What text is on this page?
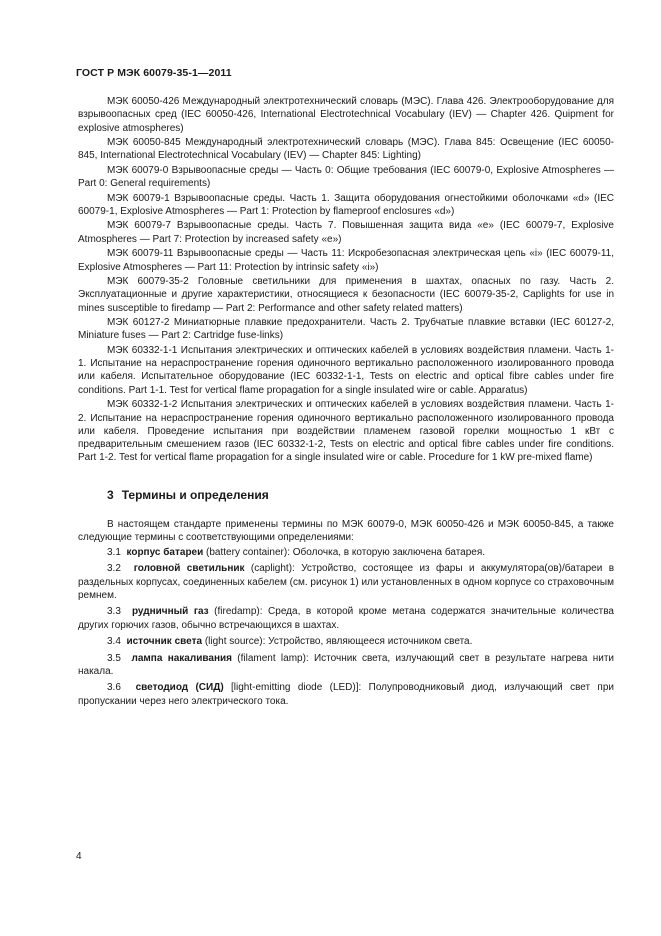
ГОСТ Р МЭК 60079-35-1—2011

МЭК 60050-426 Международный электротехнический словарь (МЭС). Глава 426. Электрооборудование для взрывоопасных сред (IEC 60050-426, International Electrotechnical Vocabulary (IEV) — Chapter 426. Quipment for explosive atmospheres)

МЭК 60050-845 Международный электротехнический словарь (МЭС). Глава 845: Освещение (IEC 60050-845, International Electrotechnical Vocabulary (IEV) — Chapter 845: Lighting)

МЭК 60079-0 Взрывоопасные среды — Часть 0: Общие требования (IEC 60079-0, Explosive Atmospheres — Part 0: General requirements)

МЭК 60079-1 Взрывоопасные среды. Часть 1. Защита оборудования огнестойкими оболочками «d» (IEC 60079-1, Explosive Atmospheres — Part 1: Protection by flameproof enclosures «d»)

МЭК 60079-7 Взрывоопасные среды. Часть 7. Повышенная защита вида «е» (IEC 60079-7, Explosive Atmospheres — Part 7: Protection by increased safety «e»)

МЭК 60079-11 Взрывоопасные среды — Часть 11: Искробезопасная электрическая цепь «i» (IEC 60079-11, Explosive Atmospheres — Part 11: Protection by intrinsic safety «i»)

МЭК 60079-35-2 Головные светильники для применения в шахтах, опасных по газу. Часть 2. Эксплуатационные и другие характеристики, относящиеся к безопасности (IEC 60079-35-2, Caplights for use in mines susceptible to firedamp — Part 2: Performance and other safety related matters)

МЭК 60127-2 Миниатюрные плавкие предохранители. Часть 2. Трубчатые плавкие вставки (IEC 60127-2, Miniature fuses — Part 2: Cartridge fuse-links)

МЭК 60332-1-1 Испытания электрических и оптических кабелей в условиях воздействия пламени. Часть 1-1. Испытание на нераспространение горения одиночного вертикально расположенного изолированного провода или кабеля. Испытательное оборудование (IEC 60332-1-1, Tests on electric and optical fibre cables under fire conditions. Part 1-1. Test for vertical flame propagation for a single insulated wire or cable. Apparatus)

МЭК 60332-1-2 Испытания электрических и оптических кабелей в условиях воздействия пламени. Часть 1-2. Испытание на нераспространение горения одиночного вертикально расположенного изолированного провода или кабеля. Проведение испытания при воздействии пламенем газовой горелки мощностью 1 кВт с предварительным смешением газов (IEC 60332-1-2, Tests on electric and optical fibre cables under fire conditions. Part 1-2. Test for vertical flame propagation for a single insulated wire or cable. Procedure for 1 kW pre-mixed flame)

3 Термины и определения

В настоящем стандарте применены термины по МЭК 60079-0, МЭК 60050-426 и МЭК 60050-845, а также следующие термины с соответствующими определениями:

3.1 корпус батареи (battery container): Оболочка, в которую заключена батарея.

3.2 головной светильник (caplight): Устройство, состоящее из фары и аккумулятора(ов)/батареи в раздельных корпусах, соединенных кабелем (см. рисунок 1) или установленных в одном корпусе со страховочным ремнем.

3.3 рудничный газ (firedamp): Среда, в которой кроме метана содержатся значительные количества других горючих газов, обычно встречающихся в шахтах.

3.4 источник света (light source): Устройство, являющееся источником света.

3.5 лампа накаливания (filament lamp): Источник света, излучающий свет в результате нагрева нити накала.

3.6 светодиод (СИД) [light-emitting diode (LED)]: Полупроводниковый диод, излучающий свет при пропускании через него электрического тока.

4
